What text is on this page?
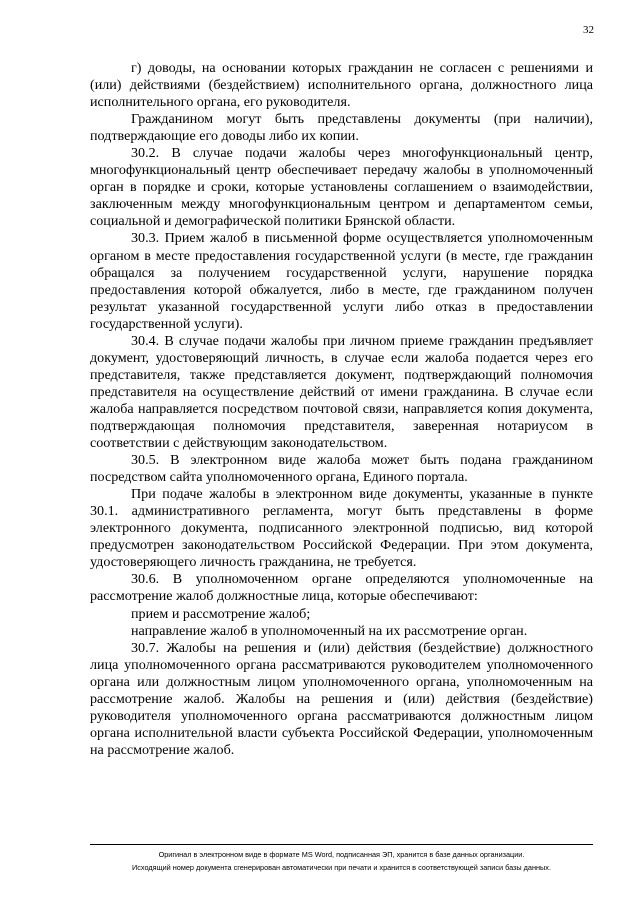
32

г) доводы, на основании которых гражданин не согласен с решениями и (или) действиями (бездействием) исполнительного органа, должностного лица исполнительного органа, его руководителя.

Гражданином могут быть представлены документы (при наличии), подтверждающие его доводы либо их копии.

30.2. В случае подачи жалобы через многофункциональный центр, многофункциональный центр обеспечивает передачу жалобы в уполномоченный орган в порядке и сроки, которые установлены соглашением о взаимодействии, заключенным между многофункциональным центром и департаментом семьи, социальной и демографической политики Брянской области.

30.3. Прием жалоб в письменной форме осуществляется уполномоченным органом в месте предоставления государственной услуги (в месте, где гражданин обращался за получением государственной услуги, нарушение порядка предоставления которой обжалуется, либо в месте, где гражданином получен результат указанной государственной услуги либо отказ в предоставлении государственной услуги).

30.4. В случае подачи жалобы при личном приеме гражданин предъявляет документ, удостоверяющий личность, в случае если жалоба подается через его представителя, также представляется документ, подтверждающий полномочия представителя на осуществление действий от имени гражданина. В случае если жалоба направляется посредством почтовой связи, направляется копия документа, подтверждающая полномочия представителя, заверенная нотариусом в соответствии с действующим законодательством.

30.5. В электронном виде жалоба может быть подана гражданином посредством сайта уполномоченного органа, Единого портала.

При подаче жалобы в электронном виде документы, указанные в пункте 30.1. административного регламента, могут быть представлены в форме электронного документа, подписанного электронной подписью, вид которой предусмотрен законодательством Российской Федерации. При этом документа, удостоверяющего личность гражданина, не требуется.

30.6. В уполномоченном органе определяются уполномоченные на рассмотрение жалоб должностные лица, которые обеспечивают:

прием и рассмотрение жалоб;

направление жалоб в уполномоченный на их рассмотрение орган.

30.7. Жалобы на решения и (или) действия (бездействие) должностного лица уполномоченного органа рассматриваются руководителем уполномоченного органа или должностным лицом уполномоченного органа, уполномоченным на рассмотрение жалоб. Жалобы на решения и (или) действия (бездействие) руководителя уполномоченного органа рассматриваются должностным лицом органа исполнительной власти субъекта Российской Федерации, уполномоченным на рассмотрение жалоб.

Оригинал в электронном виде в формате MS Word, подписанная ЭП, хранится в базе данных организации.
Исходящий номер документа сгенерирован автоматически при печати и хранится в соответствующей записи базы данных.
